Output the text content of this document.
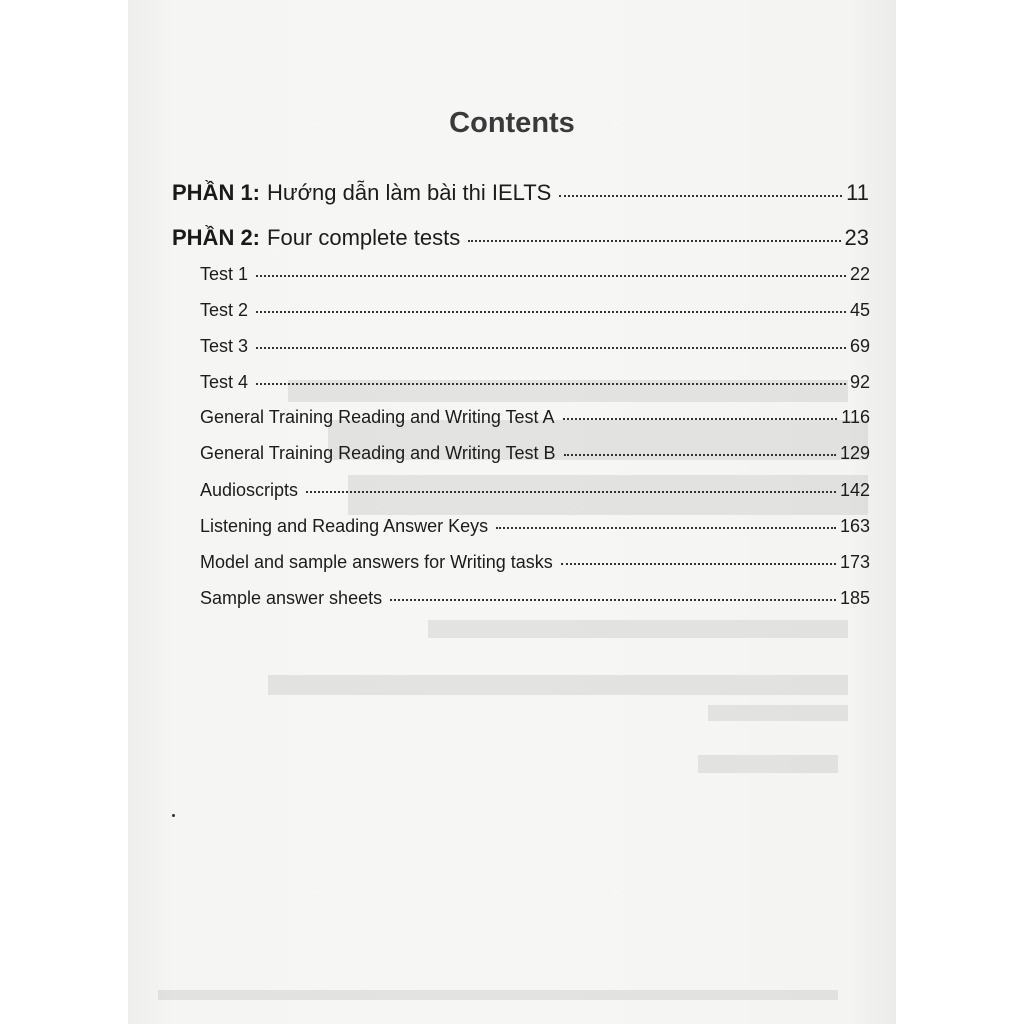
Contents
PHẦN 1: Hướng dẫn làm bài thi IELTS	11
PHẦN 2: Four complete tests	23
Test 1	22
Test 2	45
Test 3	69
Test 4	92
General Training Reading and Writing Test A	116
General Training Reading and Writing Test B	129
Audioscripts	142
Listening and Reading Answer Keys	163
Model and sample answers for Writing tasks	173
Sample answer sheets	185
